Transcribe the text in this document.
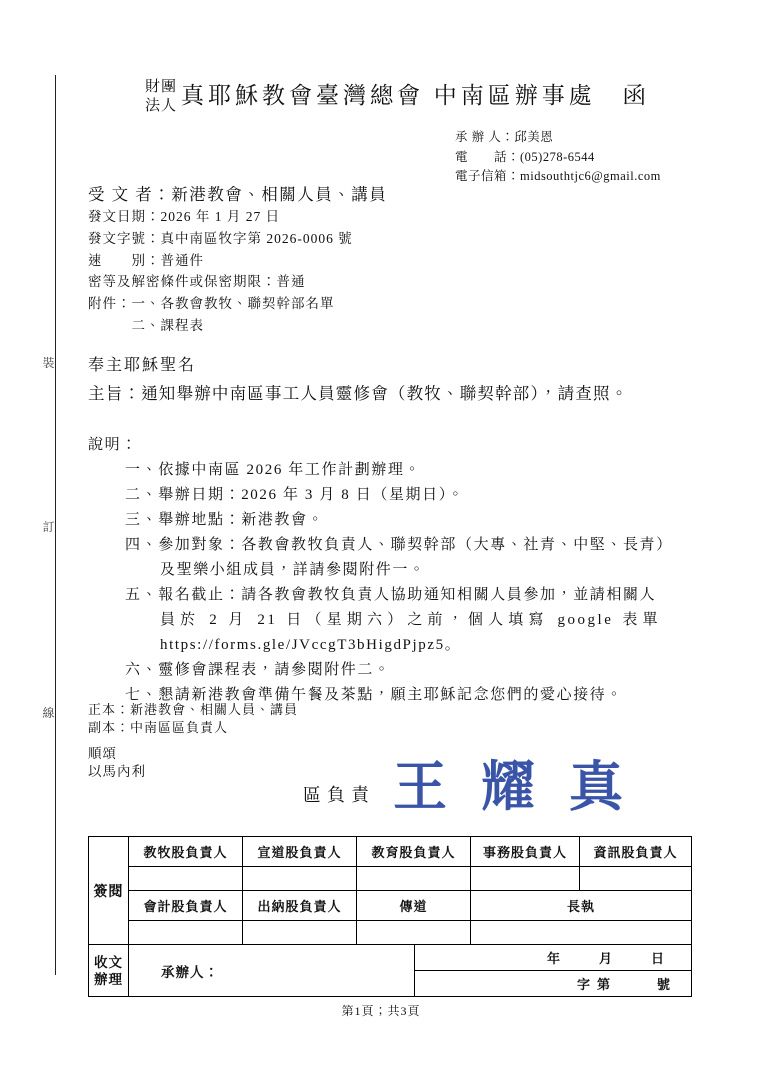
裝
訂
線
財團
法人 真耶穌教會臺灣總會 中南區辦事處　函
承 辦 人：邱美恩
電　　話：(05)278-6544
電子信箱：midsouthtjc6@gmail.com
受 文 者：新港教會、相關人員、講員
發文日期：2026 年 1 月 27 日
發文字號：真中南區牧字第 2026-0006 號
速　　別：普通件
密等及解密條件或保密期限：普通
附件：一、各教會教牧、聯契幹部名單
　　　二、課程表
奉主耶穌聖名
主旨：通知舉辦中南區事工人員靈修會（教牧、聯契幹部），請查照。
說明：
一、依據中南區 2026 年工作計劃辦理。
二、舉辦日期：2026 年 3 月 8 日（星期日）。
三、舉辦地點：新港教會。
四、參加對象：各教會教牧負責人、聯契幹部（大專、社青、中堅、長青）
及聖樂小組成員，詳請參閱附件一。
五、報名截止：請各教會教牧負責人協助通知相關人員參加，並請相關人
員於 2 月 21 日（星期六）之前，個人填寫 google 表單
https://forms.gle/JVccgT3bHigdPjpz5。
六、靈修會課程表，請參閱附件二。
七、懇請新港教會準備午餐及茶點，願主耶穌記念您們的愛心接待。
正本：新港教會、相關人員、講員
副本：中南區區負責人
順頌
以馬內利
區負責 王耀真
簽閱	教牧股負責人	宣道股負責人	教育股負責人	事務股負責人	資訊股負責人

	會計股負責人	出納股負責人	傳道	長執	

收文
辦理	承辦人：	年　月　日
字第　　號
第1頁；共3頁
